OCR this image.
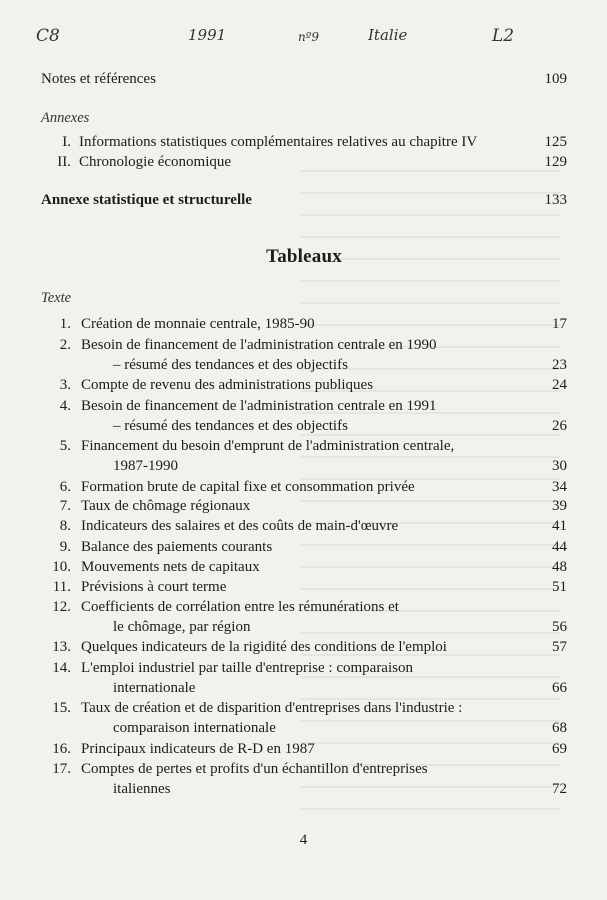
C8	1991	nº9	Italie	L2
Notes et références	109
Annexes
I. Informations statistiques complémentaires relatives au chapitre IV	125
II. Chronologie économique	129
Annexe statistique et structurelle	133
Tableaux
Texte
1. Création de monnaie centrale, 1985-90	17
2. Besoin de financement de l'administration centrale en 1990
– résumé des tendances et des objectifs	23
3. Compte de revenu des administrations publiques	24
4. Besoin de financement de l'administration centrale en 1991
– résumé des tendances et des objectifs	26
5. Financement du besoin d'emprunt de l'administration centrale,
1987-1990	30
6. Formation brute de capital fixe et consommation privée	34
7. Taux de chômage régionaux	39
8. Indicateurs des salaires et des coûts de main-d'œuvre	41
9. Balance des paiements courants	44
10. Mouvements nets de capitaux	48
11. Prévisions à court terme	51
12. Coefficients de corrélation entre les rémunérations et
le chômage, par région	56
13. Quelques indicateurs de la rigidité des conditions de l'emploi	57
14. L'emploi industriel par taille d'entreprise : comparaison
internationale	66
15. Taux de création et de disparition d'entreprises dans l'industrie :
comparaison internationale	68
16. Principaux indicateurs de R-D en 1987	69
17. Comptes de pertes et profits d'un échantillon d'entreprises
italiennes	72
4
